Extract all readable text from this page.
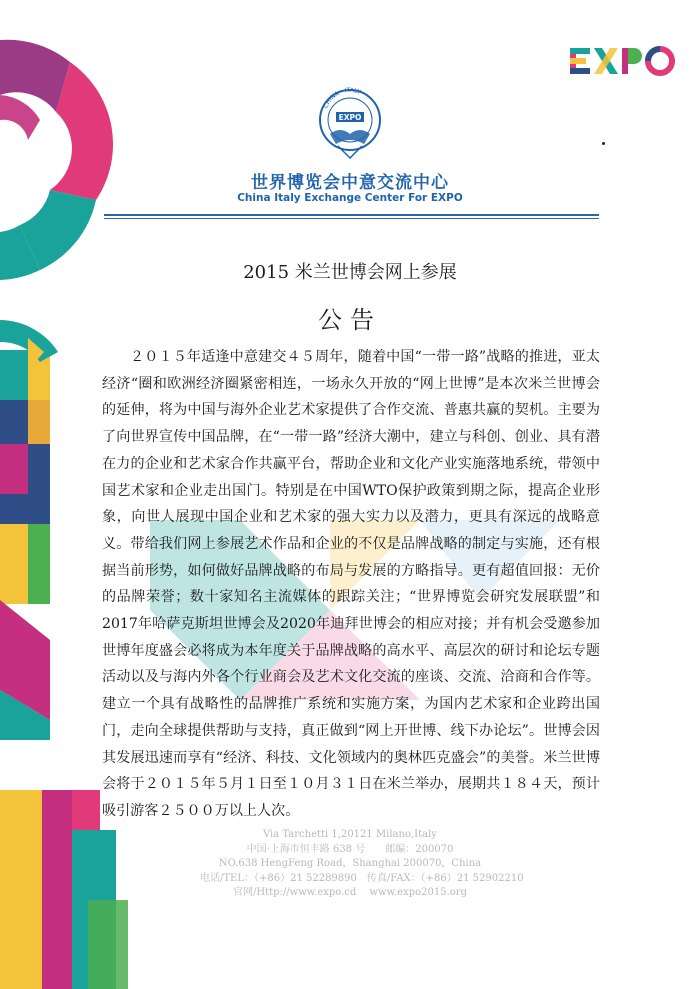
CHINA · ITALY
EXPO
世界博览会中意交流中心
China Italy Exchange Center For EXPO
2015 米兰世博会网上参展
公告
２０１５年适逢中意建交４５周年，随着中国“一带一路”战略的推进，亚太经济“圈和欧洲经济圈紧密相连，一场永久开放的“网上世博”是本次米兰世博会的延伸，将为中国与海外企业艺术家提供了合作交流、普惠共赢的契机。主要为了向世界宣传中国品牌，在“一带一路”经济大潮中，建立与科创、创业、具有潜在力的企业和艺术家合作共赢平台，帮助企业和文化产业实施落地系统，带领中国艺术家和企业走出国门。特别是在中国WTO保护政策到期之际，提高企业形象，向世人展现中国企业和艺术家的强大实力以及潜力，更具有深远的战略意义。带给我们网上参展艺术作品和企业的不仅是品牌战略的制定与实施，还有根据当前形势，如何做好品牌战略的布局与发展的方略指导。更有超值回报：无价的品牌荣誉；数十家知名主流媒体的跟踪关注；“世界博览会研究发展联盟”和2017年哈萨克斯坦世博会及2020年迪拜世博会的相应对接；并有机会受邀参加世博年度盛会必将成为本年度关于品牌战略的高水平、高层次的研讨和论坛专题活动以及与海内外各个行业商会及艺术文化交流的座谈、交流、洽商和合作等。建立一个具有战略性的品牌推广系统和实施方案，为国内艺术家和企业跨出国门，走向全球提供帮助与支持，真正做到“网上开世博、线下办论坛”。世博会因其发展迅速而享有“经济、科技、文化领域内的奥林匹克盛会”的美誉。米兰世博会将于２０１５年５月１日至１０月３１日在米兰举办，展期共１８４天，预计吸引游客２５００万以上人次。
Via Tarchetti 1,20121 Milano,Italy
中国·上海市恒丰路 638 号　　邮编：200070
NO.638 HengFeng Road，Shanghai 200070，China
电话/TEL：（+86）21 52289890　传真/FAX：（+86）21 52902210
官网/Http://www.expo.cd　 www.expo2015.org
